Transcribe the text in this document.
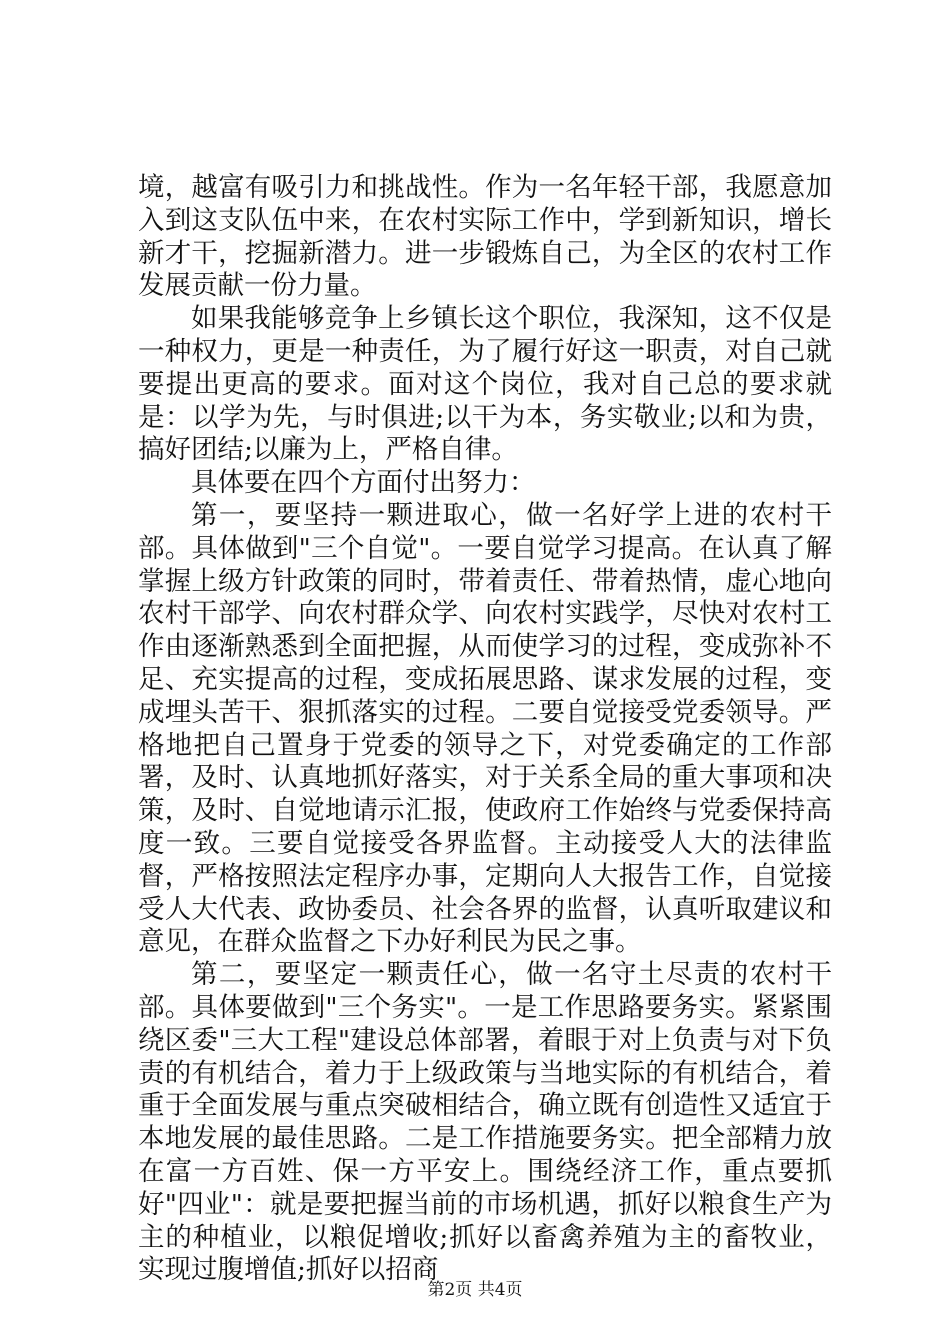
境，越富有吸引力和挑战性。作为一名年轻干部，我愿意加入到这支队伍中来，在农村实际工作中，学到新知识，增长新才干，挖掘新潜力。进一步锻炼自己，为全区的农村工作发展贡献一份力量。

如果我能够竞争上乡镇长这个职位，我深知，这不仅是一种权力，更是一种责任，为了履行好这一职责，对自己就要提出更高的要求。面对这个岗位，我对自己总的要求就是：以学为先，与时俱进;以干为本，务实敬业;以和为贵，搞好团结;以廉为上，严格自律。

具体要在四个方面付出努力：

第一，要坚持一颗进取心，做一名好学上进的农村干部。具体做到"三个自觉"。一要自觉学习提高。在认真了解掌握上级方针政策的同时，带着责任、带着热情，虚心地向农村干部学、向农村群众学、向农村实践学，尽快对农村工作由逐渐熟悉到全面把握，从而使学习的过程，变成弥补不足、充实提高的过程，变成拓展思路、谋求发展的过程，变成埋头苦干、狠抓落实的过程。二要自觉接受党委领导。严格地把自己置身于党委的领导之下，对党委确定的工作部署，及时、认真地抓好落实，对于关系全局的重大事项和决策，及时、自觉地请示汇报，使政府工作始终与党委保持高度一致。三要自觉接受各界监督。主动接受人大的法律监督，严格按照法定程序办事，定期向人大报告工作，自觉接受人大代表、政协委员、社会各界的监督，认真听取建议和意见，在群众监督之下办好利民为民之事。

第二，要坚定一颗责任心，做一名守土尽责的农村干部。具体要做到"三个务实"。一是工作思路要务实。紧紧围绕区委"三大工程"建设总体部署，着眼于对上负责与对下负责的有机结合，着力于上级政策与当地实际的有机结合，着重于全面发展与重点突破相结合，确立既有创造性又适宜于本地发展的最佳思路。二是工作措施要务实。把全部精力放在富一方百姓、保一方平安上。围绕经济工作，重点要抓好"四业"：就是要把握当前的市场机遇，抓好以粮食生产为主的种植业，以粮促增收;抓好以畜禽养殖为主的畜牧业，实现过腹增值;抓好以招商

第2页 共4页
